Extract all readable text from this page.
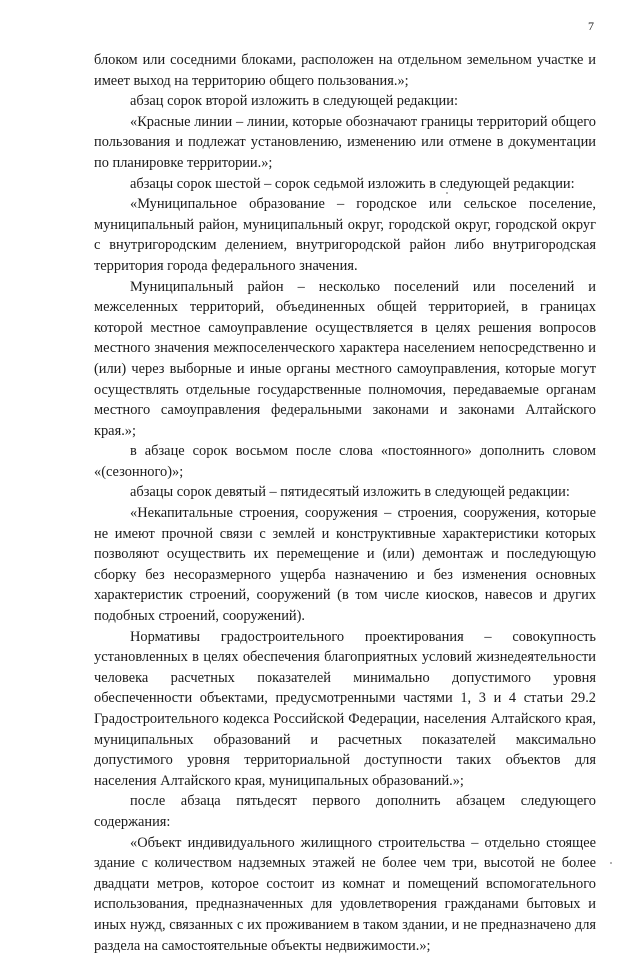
7

блоком или соседними блоками, расположен на отдельном земельном участке и имеет выход на территорию общего пользования.»;

абзац сорок второй изложить в следующей редакции:

«Красные линии – линии, которые обозначают границы территорий общего пользования и подлежат установлению, изменению или отмене в документации по планировке территории.»;

абзацы сорок шестой – сорок седьмой изложить в следующей редакции:

«Муниципальное образование – городское или сельское поселение, муниципальный район, муниципальный округ, городской округ, городской округ с внутригородским делением, внутригородской район либо внутригородская территория города федерального значения.

Муниципальный район – несколько поселений или поселений и межселенных территорий, объединенных общей территорией, в границах которой местное самоуправление осуществляется в целях решения вопросов местного значения межпоселенческого характера населением непосредственно и (или) через выборные и иные органы местного самоуправления, которые могут осуществлять отдельные государственные полномочия, передаваемые органам местного самоуправления федеральными законами и законами Алтайского края.»;

в абзаце сорок восьмом после слова «постоянного» дополнить словом «(сезонного)»;

абзацы сорок девятый – пятидесятый изложить в следующей редакции:

«Некапитальные строения, сооружения – строения, сооружения, которые не имеют прочной связи с землей и конструктивные характеристики которых позволяют осуществить их перемещение и (или) демонтаж и последующую сборку без несоразмерного ущерба назначению и без изменения основных характеристик строений, сооружений (в том числе киосков, навесов и других подобных строений, сооружений).

Нормативы градостроительного проектирования – совокупность установленных в целях обеспечения благоприятных условий жизнедеятельности человека расчетных показателей минимально допустимого уровня обеспеченности объектами, предусмотренными частями 1, 3 и 4 статьи 29.2 Градостроительного кодекса Российской Федерации, населения Алтайского края, муниципальных образований и расчетных показателей максимально допустимого уровня территориальной доступности таких объектов для населения Алтайского края, муниципальных образований.»;

после абзаца пятьдесят первого дополнить абзацем следующего содержания:

«Объект индивидуального жилищного строительства – отдельно стоящее здание с количеством надземных этажей не более чем три, высотой не более двадцати метров, которое состоит из комнат и помещений вспомогательного использования, предназначенных для удовлетворения гражданами бытовых и иных нужд, связанных с их проживанием в таком здании, и не предназначено для раздела на самостоятельные объекты недвижимости.»;
